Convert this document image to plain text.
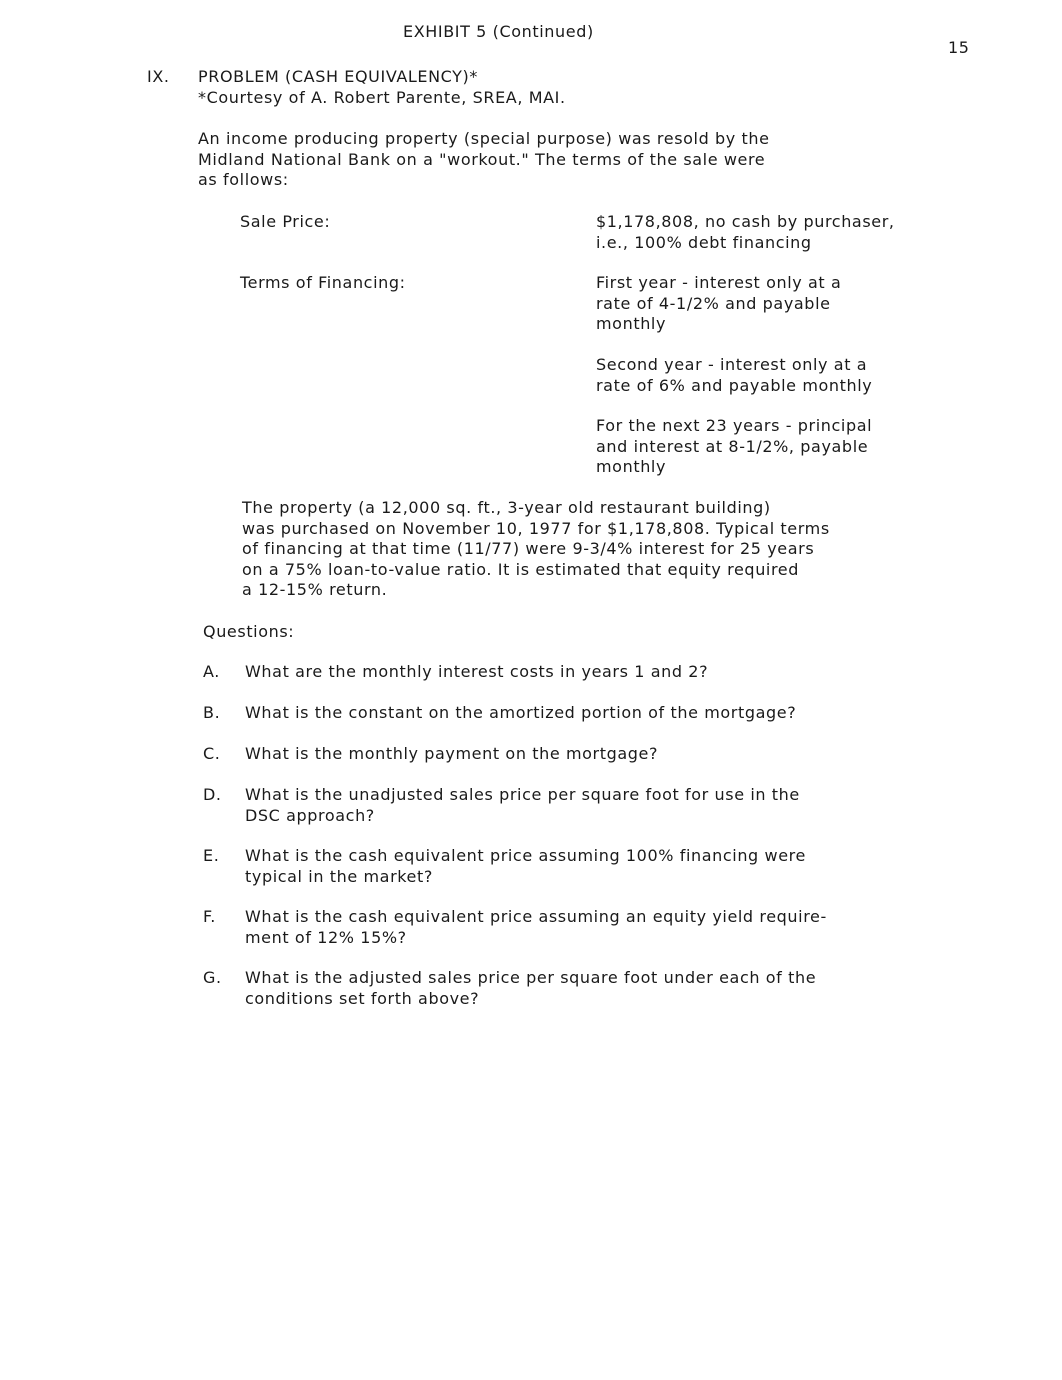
EXHIBIT 5 (Continued)
15
IX. PROBLEM (CASH EQUIVALENCY)*
*Courtesy of A. Robert Parente, SREA, MAI.
An income producing property (special purpose) was resold by the
Midland National Bank on a "workout." The terms of the sale were
as follows:
Sale Price:	$1,178,808, no cash by purchaser,
i.e., 100% debt financing
Terms of Financing:	First year - interest only at a
rate of 4-1/2% and payable
monthly
Second year - interest only at a
rate of 6% and payable monthly
For the next 23 years - principal
and interest at 8-1/2%, payable
monthly
The property (a 12,000 sq. ft., 3-year old restaurant building)
was purchased on November 10, 1977 for $1,178,808. Typical terms
of financing at that time (11/77) were 9-3/4% interest for 25 years
on a 75% loan-to-value ratio. It is estimated that equity required
a 12-15% return.
Questions:
A. What are the monthly interest costs in years 1 and 2?
B. What is the constant on the amortized portion of the mortgage?
C. What is the monthly payment on the mortgage?
D. What is the unadjusted sales price per square foot for use in the
DSC approach?
E. What is the cash equivalent price assuming 100% financing were
typical in the market?
F. What is the cash equivalent price assuming an equity yield require-
ment of 12% 15%?
G. What is the adjusted sales price per square foot under each of the
conditions set forth above?
